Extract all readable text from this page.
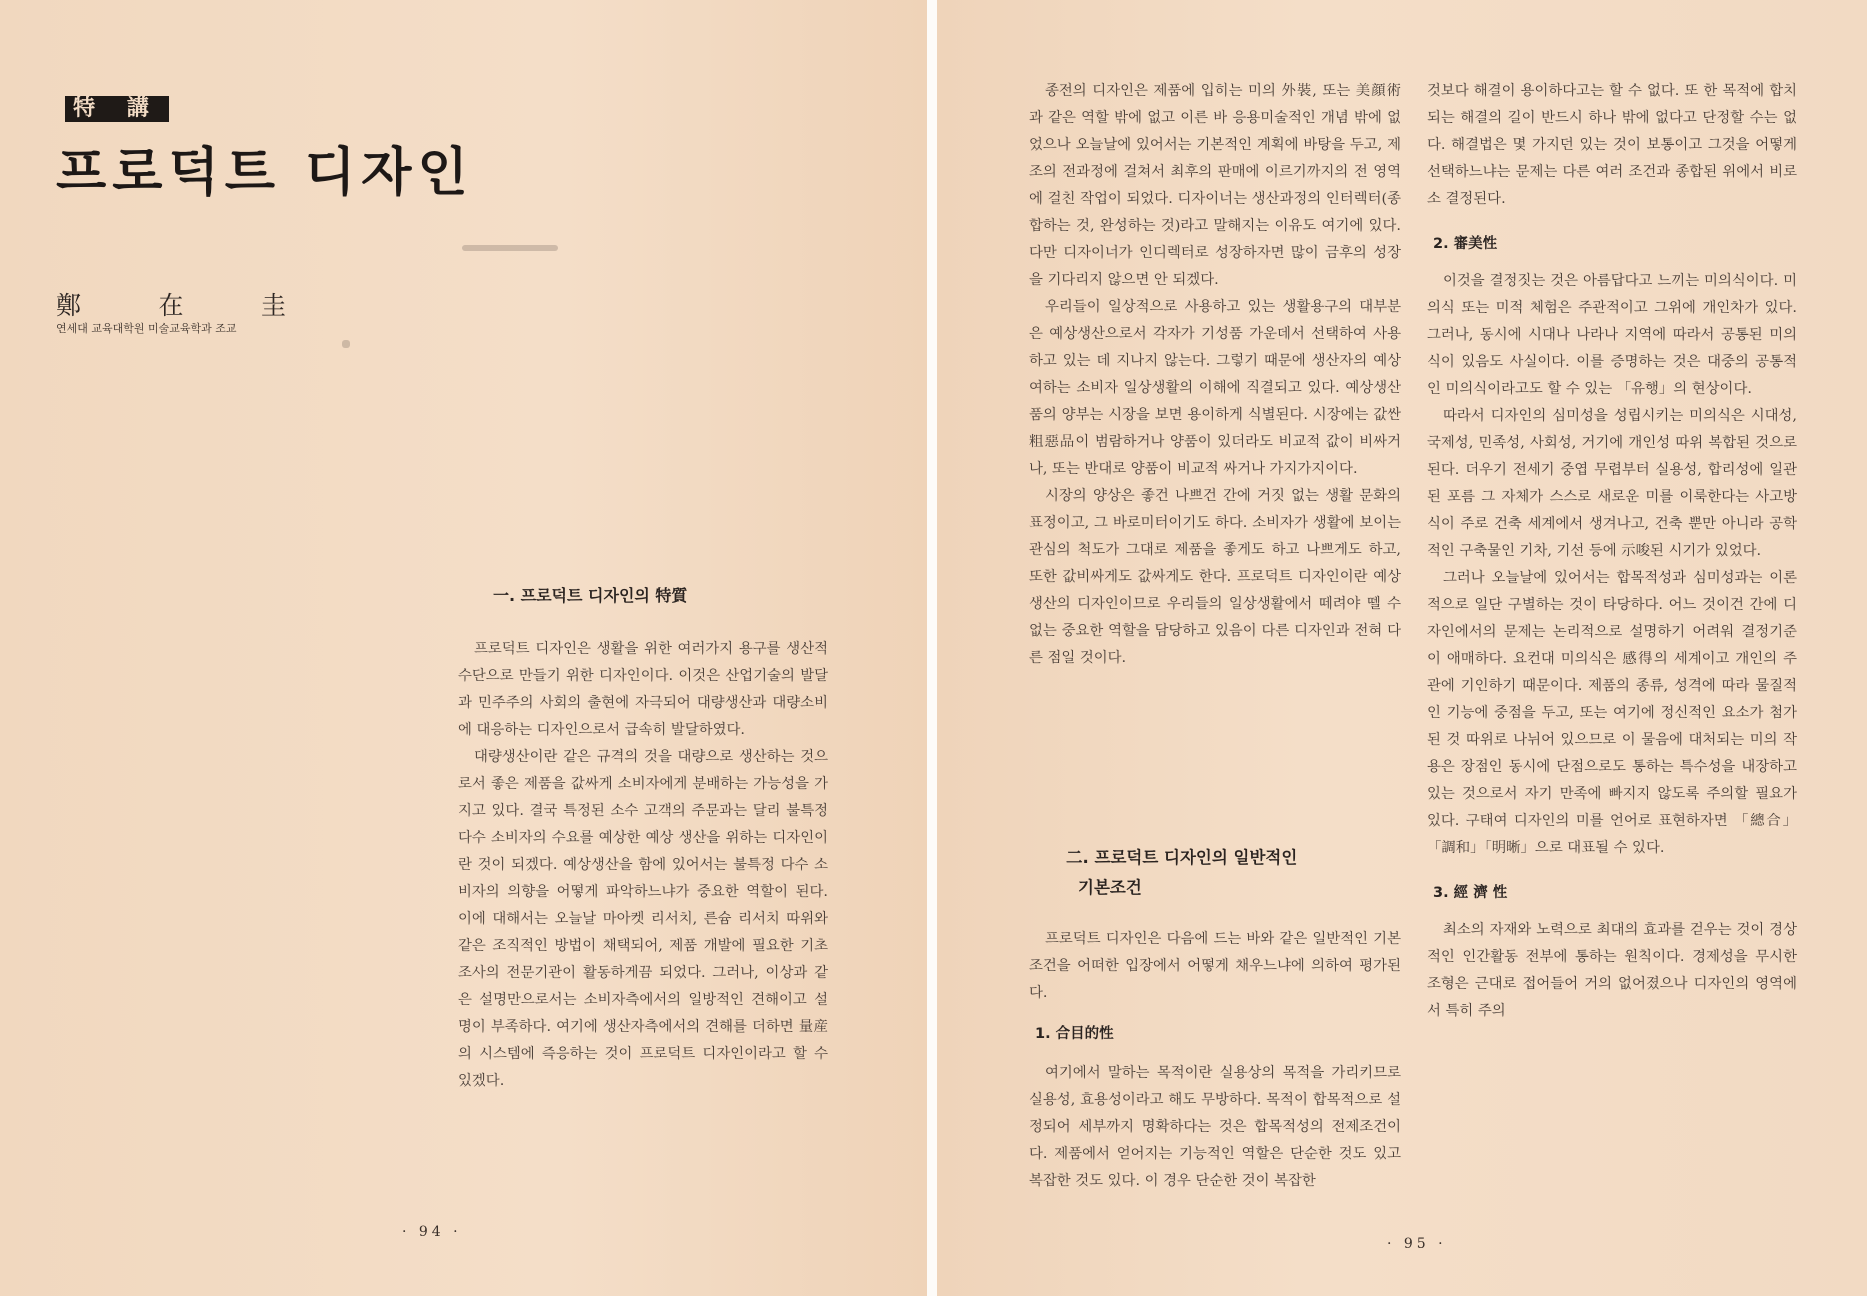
特 講
프로덕트 디자인
鄭	在	圭
연세대 교육대학원 미술교육학과 조교
一. 프로덕트 디자인의 特質

프로덕트 디자인은 생활을 위한 여러가지 용구를 생산적 수단으로 만들기 위한 디자인이다. 이것은 산업기술의 발달과 민주주의 사회의 출현에 자극되어 대량생산과 대량소비에 대응하는 디자인으로서 급속히 발달하였다.

대량생산이란 같은 규격의 것을 대량으로 생산하는 것으로서 좋은 제품을 값싸게 소비자에게 분배하는 가능성을 가지고 있다. 결국 특정된 소수 고객의 주문과는 달리 불특정 다수 소비자의 수요를 예상한 예상 생산을 위하는 디자인이란 것이 되겠다. 예상생산을 함에 있어서는 불특정 다수 소비자의 의향을 어떻게 파악하느냐가 중요한 역할이 된다. 이에 대해서는 오늘날 마아켓 리서치, 른슘 리서치 따위와 같은 조직적인 방법이 채택되어, 제품 개발에 필요한 기초 조사의 전문기관이 활동하게끔 되었다. 그러나, 이상과 같은 설명만으로서는 소비자측에서의 일방적인 견해이고 설명이 부족하다. 여기에 생산자측에서의 견해를 더하면 量産의 시스템에 즉응하는 것이 프로덕트 디자인이라고 할 수 있겠다.

· 94 ·

종전의 디자인은 제품에 입히는 미의 外裝, 또는 美顔術과 같은 역할 밖에 없고 이른 바 응용미술적인 개념 밖에 없었으나 오늘날에 있어서는 기본적인 계획에 바탕을 두고, 제조의 전과정에 걸쳐서 최후의 판매에 이르기까지의 전 영역에 걸친 작업이 되었다. 디자이너는 생산과정의 인터렉터(종합하는 것, 완성하는 것)라고 말해지는 이유도 여기에 있다. 다만 디자이너가 인디렉터로 성장하자면 많이 금후의 성장을 기다리지 않으면 안 되겠다.

우리들이 일상적으로 사용하고 있는 생활용구의 대부분은 예상생산으로서 각자가 기성품 가운데서 선택하여 사용하고 있는 데 지나지 않는다. 그렇기 때문에 생산자의 예상 여하는 소비자 일상생활의 이해에 직결되고 있다. 예상생산품의 양부는 시장을 보면 용이하게 식별된다. 시장에는 값싼 粗惡品이 범람하거나 양품이 있더라도 비교적 값이 비싸거나, 또는 반대로 양품이 비교적 싸거나 가지가지이다.

시장의 양상은 좋건 나쁘건 간에 거짓 없는 생활 문화의 표정이고, 그 바로미터이기도 하다. 소비자가 생활에 보이는 관심의 척도가 그대로 제품을 좋게도 하고 나쁘게도 하고, 또한 값비싸게도 값싸게도 한다. 프로덕트 디자인이란 예상생산의 디자인이므로 우리들의 일상생활에서 떼려야 뗄 수 없는 중요한 역할을 담당하고 있음이 다른 디자인과 전혀 다른 점일 것이다.

二. 프로덕트 디자인의 일반적인
기본조건

프로덕트 디자인은 다음에 드는 바와 같은 일반적인 기본조건을 어떠한 입장에서 어떻게 채우느냐에 의하여 평가된다.

1. 合目的性

여기에서 말하는 목적이란 실용상의 목적을 가리키므로 실용성, 효용성이라고 해도 무방하다. 목적이 합목적으로 설정되어 세부까지 명확하다는 것은 합목적성의 전제조건이다. 제품에서 얻어지는 기능적인 역할은 단순한 것도 있고 복잡한 것도 있다. 이 경우 단순한 것이 복잡한

것보다 해결이 용이하다고는 할 수 없다. 또 한 목적에 합치되는 해결의 길이 반드시 하나 밖에 없다고 단정할 수는 없다. 해결법은 몇 가지던 있는 것이 보통이고 그것을 어떻게 선택하느냐는 문제는 다른 여러 조건과 종합된 위에서 비로소 결정된다.

2. 審美性

이것을 결정짓는 것은 아름답다고 느끼는 미의식이다. 미의식 또는 미적 체험은 주관적이고 그위에 개인차가 있다. 그러나, 동시에 시대나 나라나 지역에 따라서 공통된 미의식이 있음도 사실이다. 이를 증명하는 것은 대중의 공통적인 미의식이라고도 할 수 있는 「유행」의 현상이다.

따라서 디자인의 심미성을 성립시키는 미의식은 시대성, 국제성, 민족성, 사회성, 거기에 개인성 따위 복합된 것으로 된다. 더우기 전세기 중엽 무렵부터 실용성, 합리성에 일관된 포름 그 자체가 스스로 새로운 미를 이룩한다는 사고방식이 주로 건축 세계에서 생겨나고, 건축 뿐만 아니라 공학적인 구축물인 기차, 기선 등에 示唆된 시기가 있었다.

그러나 오늘날에 있어서는 합목적성과 심미성과는 이론적으로 일단 구별하는 것이 타당하다. 어느 것이건 간에 디자인에서의 문제는 논리적으로 설명하기 어려워 결정기준이 애매하다. 요컨대 미의식은 感得의 세계이고 개인의 주관에 기인하기 때문이다. 제품의 종류, 성격에 따라 물질적인 기능에 중점을 두고, 또는 여기에 정신적인 요소가 첨가된 것 따위로 나뉘어 있으므로 이 물음에 대처되는 미의 작용은 장점인 동시에 단점으로도 통하는 특수성을 내장하고 있는 것으로서 자기 만족에 빠지지 않도록 주의할 필요가 있다. 구태여 디자인의 미를 언어로 표현하자면 「總合」「調和」「明晰」으로 대표될 수 있다.

3. 經 濟 性

최소의 자재와 노력으로 최대의 효과를 걷우는 것이 경상적인 인간활동 전부에 통하는 원칙이다. 경제성을 무시한 조형은 근대로 접어들어 거의 없어졌으나 디자인의 영역에서 특히 주의

· 95 ·
